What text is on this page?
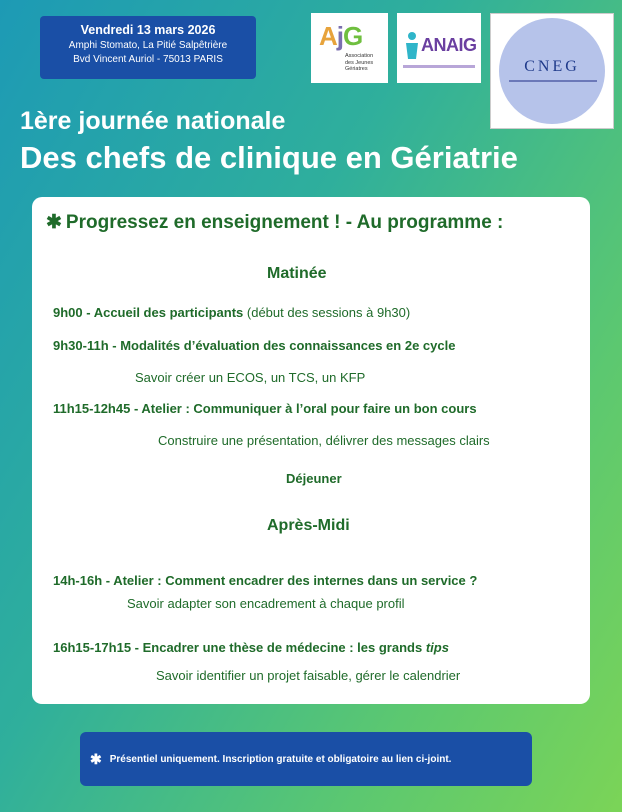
Vendredi 13 mars 2026
Amphi Stomato, La Pitié Salpêtrière
Bvd Vincent Auriol - 75013 PARIS
AjG
Association des Jeunes Gériatres
ANAIG
CNEG
1ère journée nationale
Des chefs de clinique en Gériatrie
✱ Progressez en enseignement ! - Au programme :
Matinée
9h00 - Accueil des participants (début des sessions à 9h30)
9h30-11h - Modalités d’évaluation des connaissances en 2e cycle
Savoir créer un ECOS, un TCS, un KFP
11h15-12h45 - Atelier : Communiquer à l’oral pour faire un bon cours
Construire une présentation, délivrer des messages clairs
Déjeuner
Après-Midi
14h-16h - Atelier : Comment encadrer des internes dans un service ?
Savoir adapter son encadrement à chaque profil
16h15-17h15 - Encadrer une thèse de médecine : les grands tips
Savoir identifier un projet faisable, gérer le calendrier
✱ Présentiel uniquement. Inscription gratuite et obligatoire au lien ci-joint.
